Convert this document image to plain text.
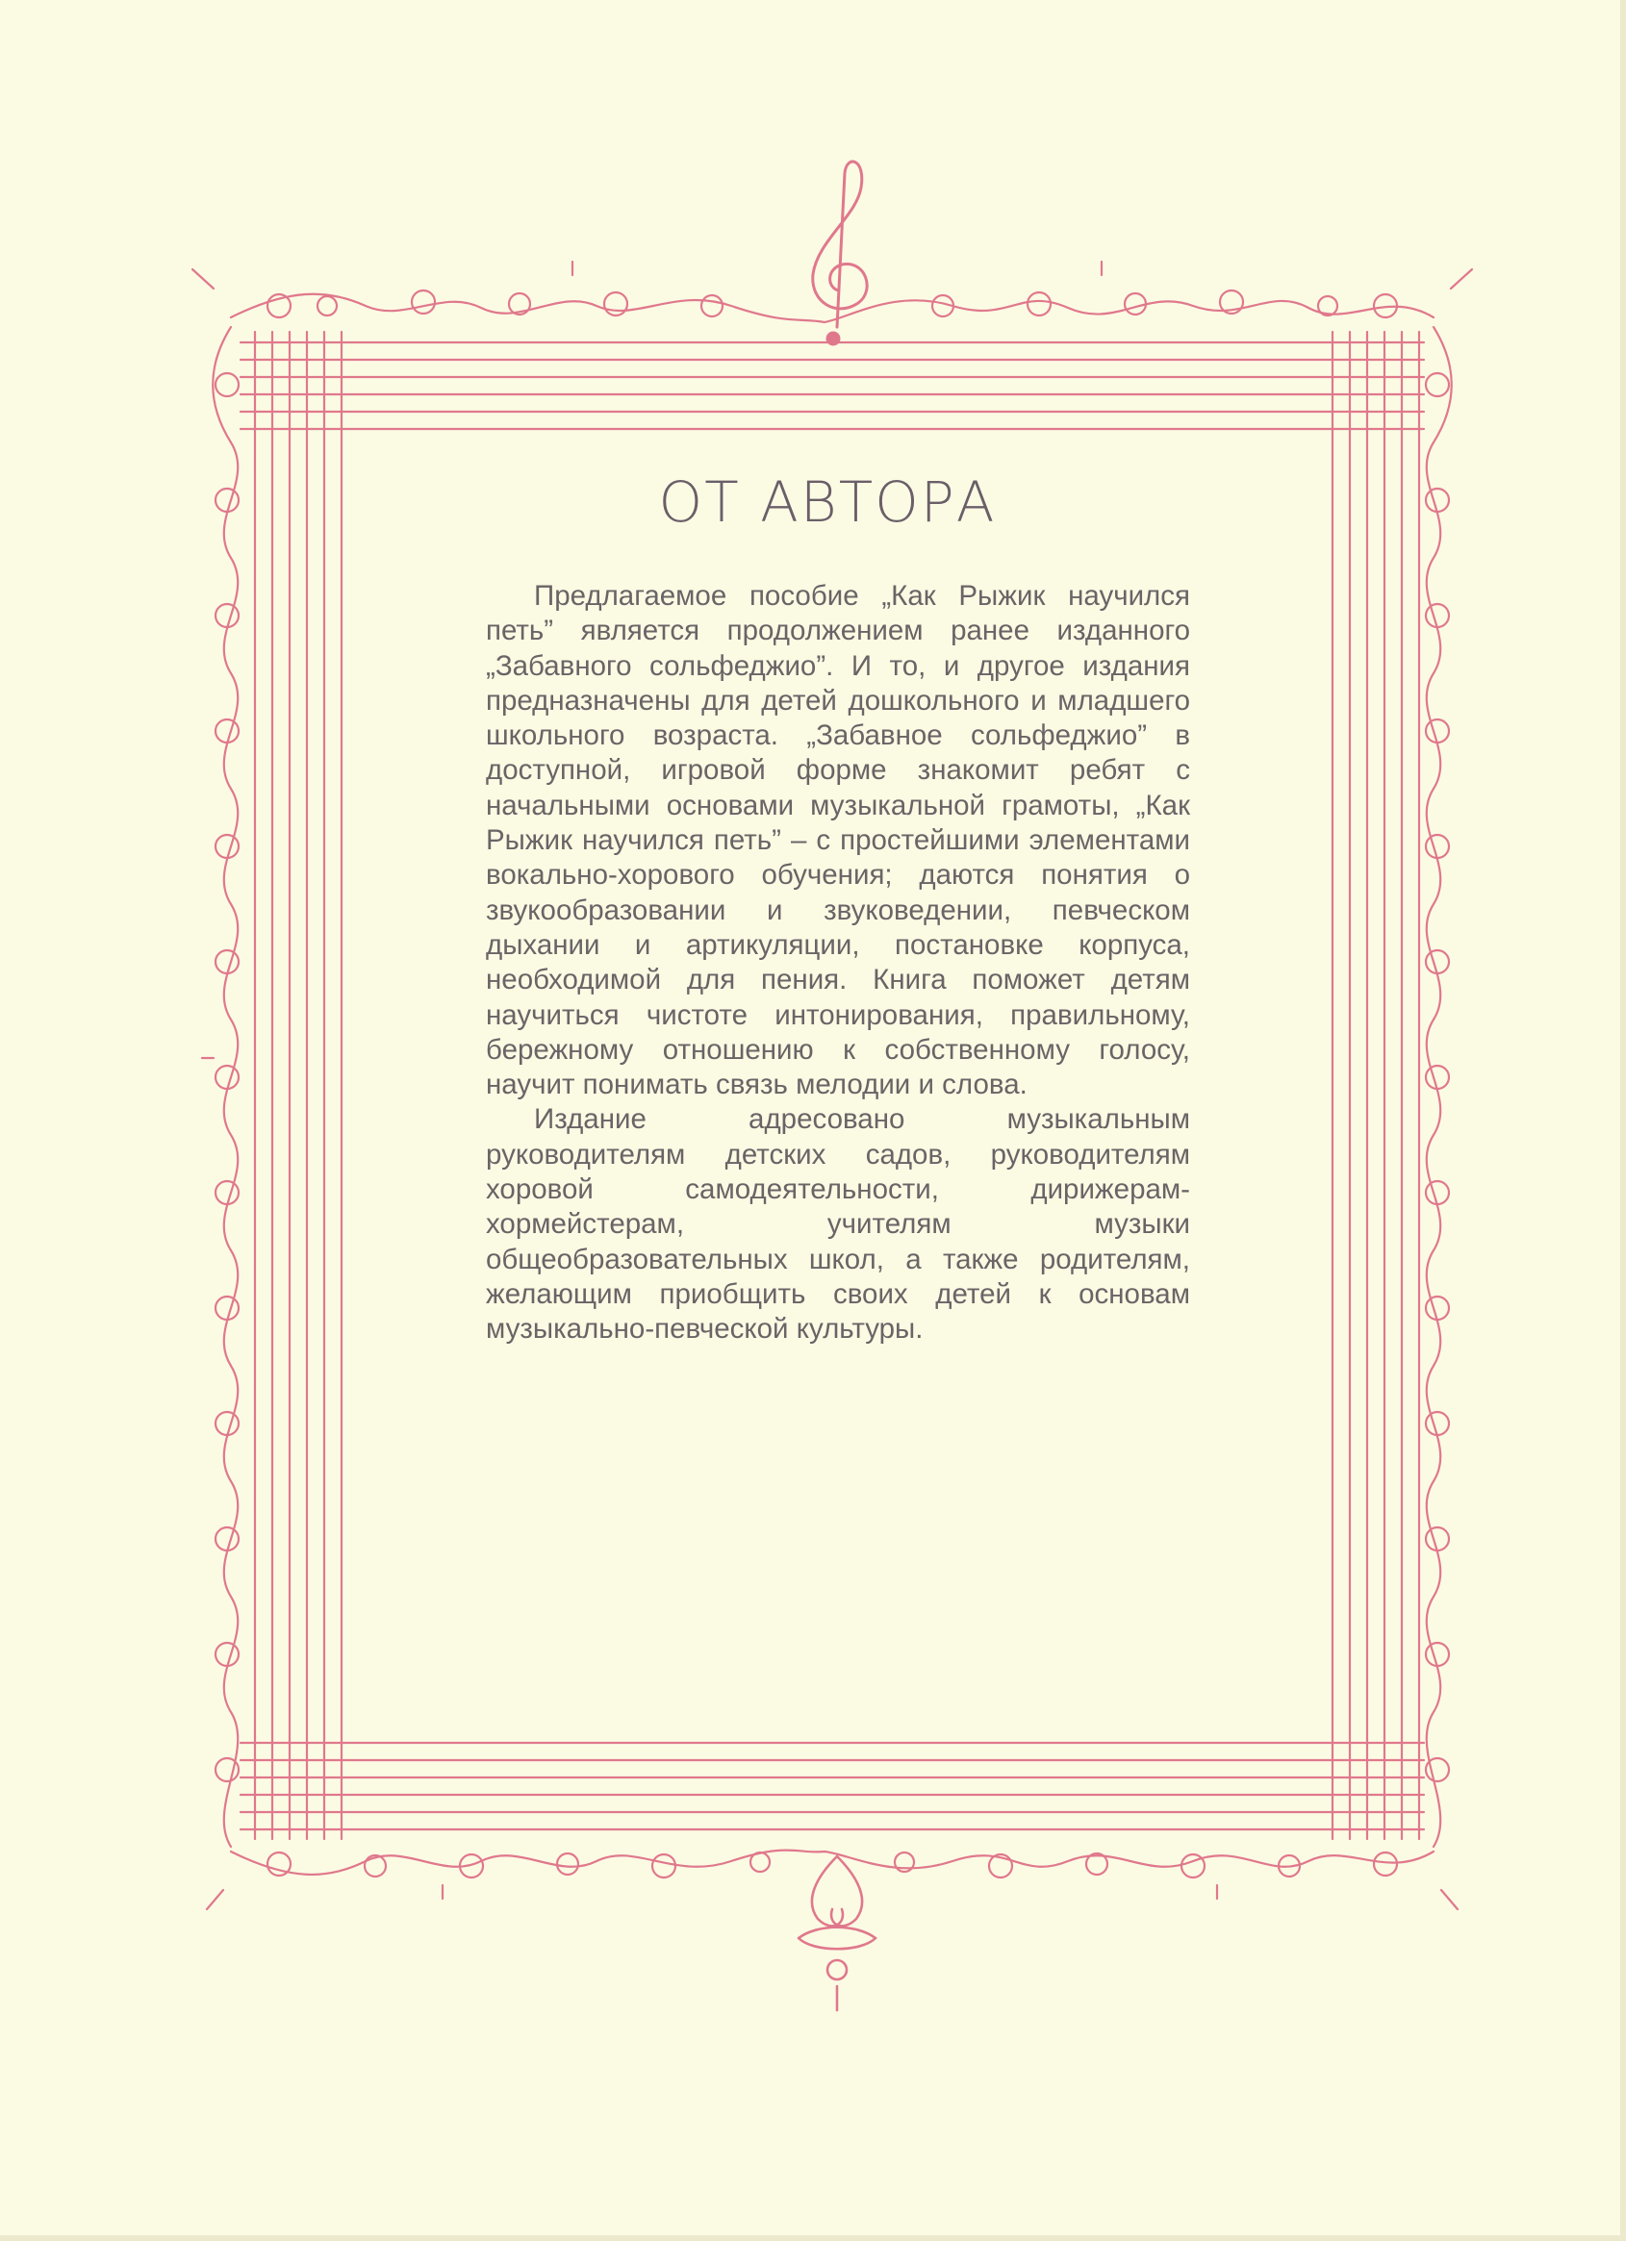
ОТ АВТОРА

Предлагаемое пособие „Как Рыжик научился петь” является продолжением ранее изданного „Забавного сольфеджио”. И то, и другое издания предназначены для детей дошкольного и младшего школьного возраста. „Забавное сольфеджио” в доступной, игровой форме знакомит ребят с начальными основами музыкальной грамоты, „Как Рыжик научился петь” – с простейшими элементами вокально-хорового обучения; даются понятия о звукообразовании и звуковедении, певческом дыхании и артикуляции, постановке корпуса, необходимой для пения. Книга поможет детям научиться чистоте интонирования, правильному, бережному отношению к собственному голосу, научит понимать связь мелодии и слова.

Издание адресовано музыкальным руководителям детских садов, руководителям хоровой самодеятельности, дирижерам-хормейстерам, учителям музыки общеобразовательных школ, а также родителям, желающим приобщить своих детей к основам музыкально-певческой культуры.
